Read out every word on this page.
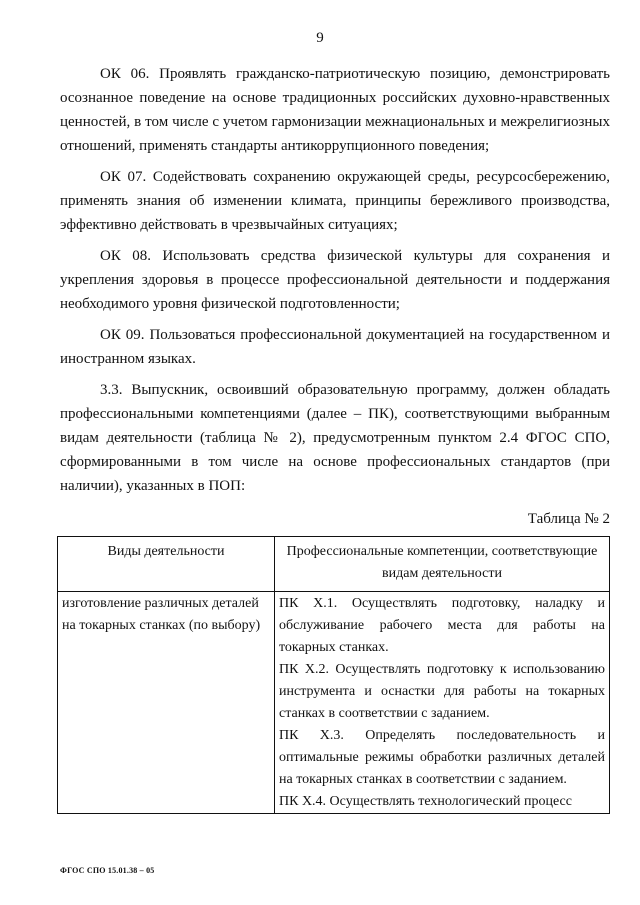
9

ОК 06. Проявлять гражданско-патриотическую позицию, демонстрировать осознанное поведение на основе традиционных российских духовно-нравственных ценностей, в том числе с учетом гармонизации межнациональных и межрелигиозных отношений, применять стандарты антикоррупционного поведения;

ОК 07. Содействовать сохранению окружающей среды, ресурсосбережению, применять знания об изменении климата, принципы бережливого производства, эффективно действовать в чрезвычайных ситуациях;

ОК 08. Использовать средства физической культуры для сохранения и укрепления здоровья в процессе профессиональной деятельности и поддержания необходимого уровня физической подготовленности;

ОК 09. Пользоваться профессиональной документацией на государственном и иностранном языках.

3.3. Выпускник, освоивший образовательную программу, должен обладать профессиональными компетенциями (далее – ПК), соответствующими выбранным видам деятельности (таблица № 2), предусмотренным пунктом 2.4 ФГОС СПО, сформированными в том числе на основе профессиональных стандартов (при наличии), указанных в ПОП:

Таблица № 2
Виды деятельности	Профессиональные компетенции, соответствующие видам деятельности
изготовление различных деталей на токарных станках (по выбору)	ПК Х.1. Осуществлять подготовку, наладку и обслуживание рабочего места для работы на токарных станках.

ПК Х.2. Осуществлять подготовку к использованию инструмента и оснастки для работы на токарных станках в соответствии с заданием.

ПК Х.3. Определять последовательность и оптимальные режимы обработки различных деталей на токарных станках в соответствии с заданием.

ПК Х.4. Осуществлять технологический процесс

ФГОС СПО 15.01.38 – 05
